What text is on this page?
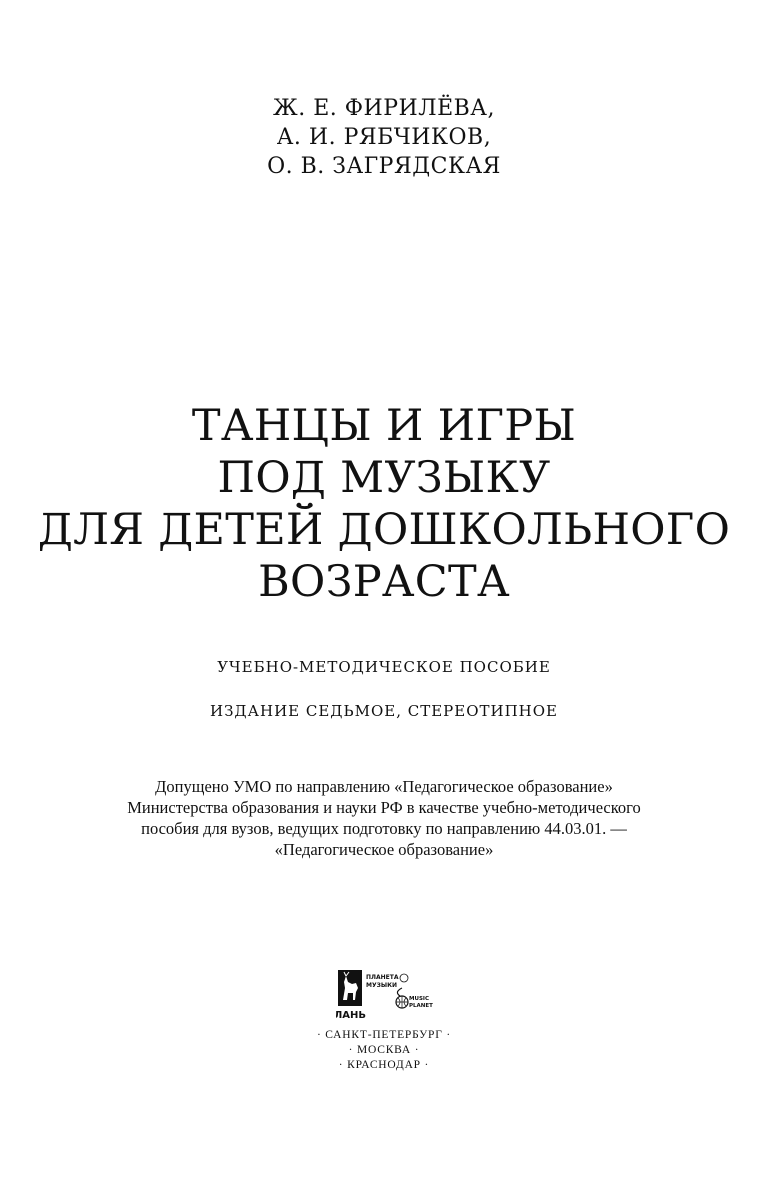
Ж. Е. ФИРИЛЁВА,
А. И. РЯБЧИКОВ,
О. В. ЗАГРЯДСКАЯ
ТАНЦЫ И ИГРЫ
ПОД МУЗЫКУ
ДЛЯ ДЕТЕЙ ДОШКОЛЬНОГО
ВОЗРАСТА
УЧЕБНО-МЕТОДИЧЕСКОЕ ПОСОБИЕ
ИЗДАНИЕ СЕДЬМОЕ, СТЕРЕОТИПНОЕ
Допущено УМО по направлению «Педагогическое образование»
Министерства образования и науки РФ в качестве учебно-методического
пособия для вузов, ведущих подготовку по направлению 44.03.01. —
«Педагогическое образование»
ЛАНЬ
ПЛАНЕТА
МУЗЫКИ
MUSIC
PLANET
· САНКТ-ПЕТЕРБУРГ ·
· МОСКВА ·
· КРАСНОДАР ·
